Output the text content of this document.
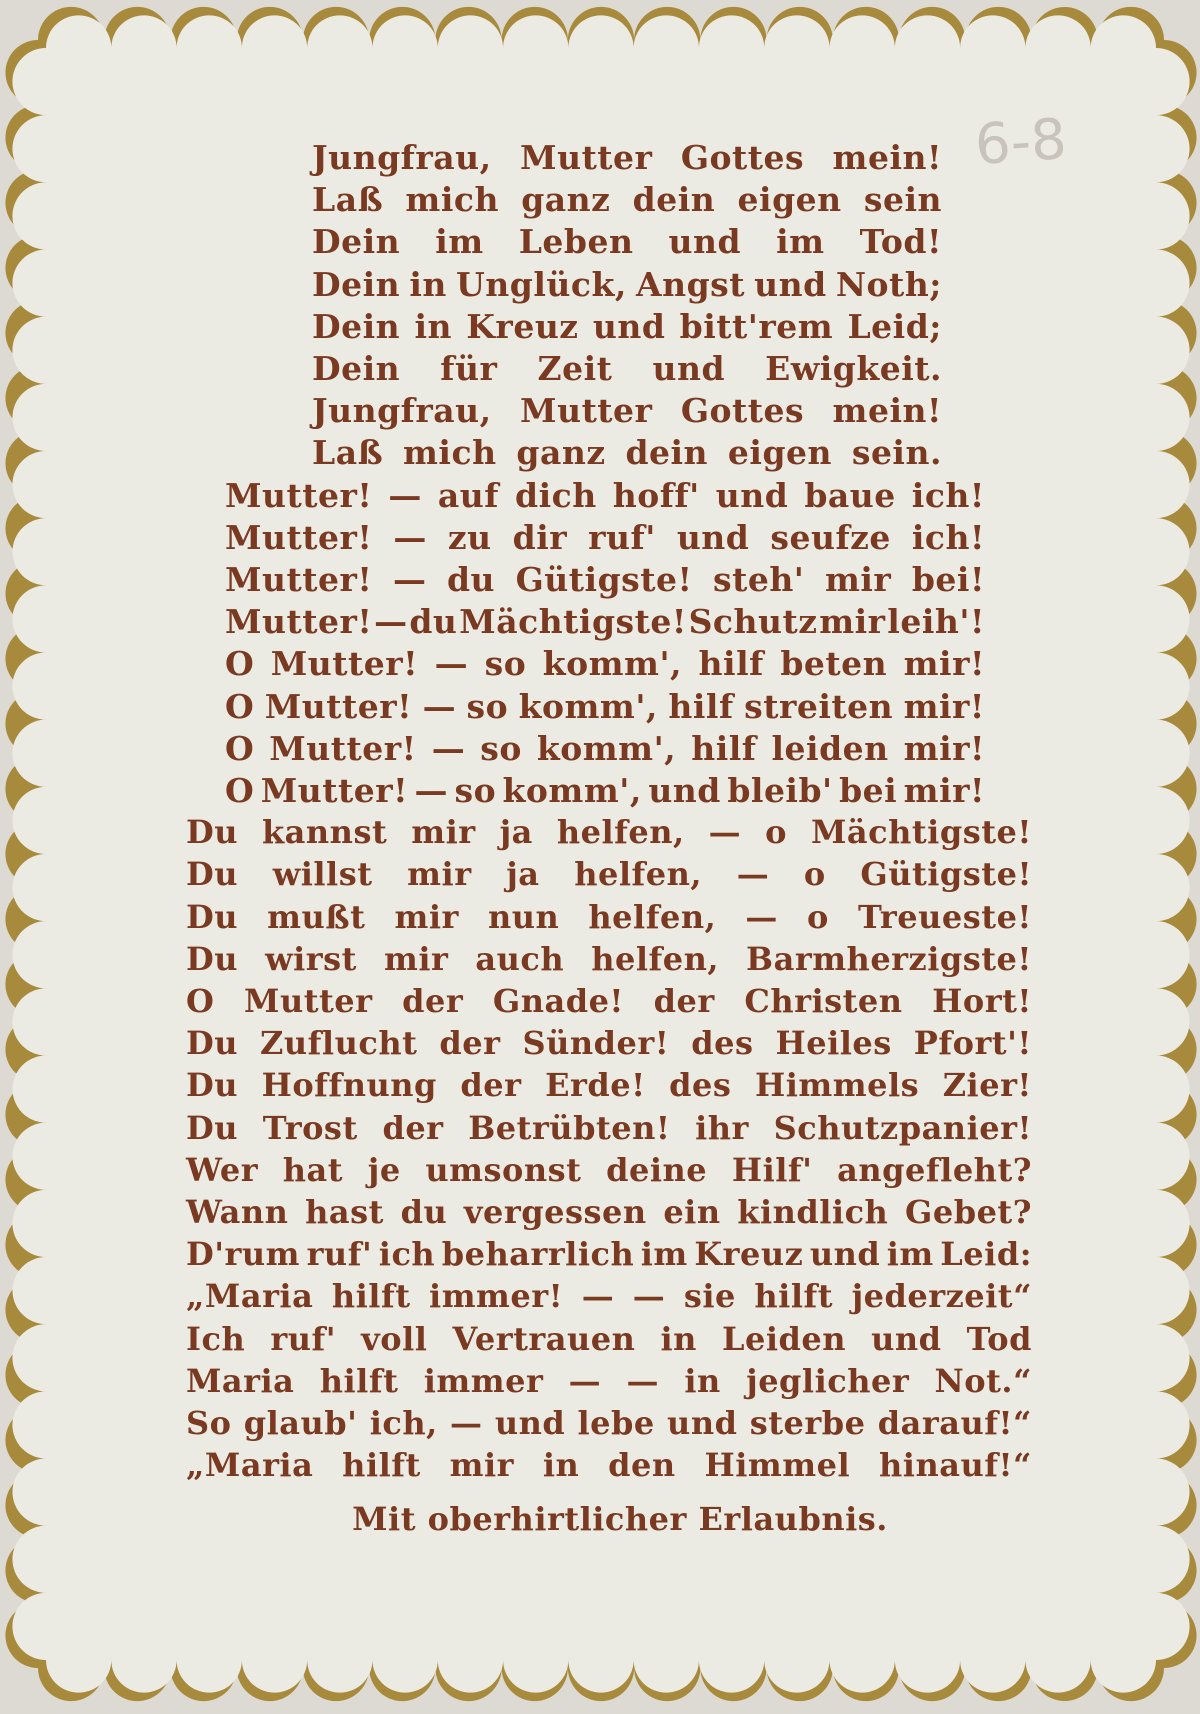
6-8
Jungfrau, Mutter Gottes mein!
Laß mich ganz dein eigen sein
Dein im Leben und im Tod!
Dein in Unglück, Angst und Noth;
Dein in Kreuz und bitt'rem Leid;
Dein für Zeit und Ewigkeit.
Jungfrau, Mutter Gottes mein!
Laß mich ganz dein eigen sein.
Mutter! — auf dich hoff' und baue ich!
Mutter! — zu dir ruf' und seufze ich!
Mutter! — du Gütigste! steh' mir bei!
Mutter! — du Mächtigste! Schutz mir leih'!
O Mutter! — so komm', hilf beten mir!
O Mutter! — so komm', hilf streiten mir!
O Mutter! — so komm', hilf leiden mir!
O Mutter! — so komm', und bleib' bei mir!
Du kannst mir ja helfen, — o Mächtigste!
Du willst mir ja helfen, — o Gütigste!
Du mußt mir nun helfen, — o Treueste!
Du wirst mir auch helfen, Barmherzigste!
O Mutter der Gnade! der Christen Hort!
Du Zuflucht der Sünder! des Heiles Pfort'!
Du Hoffnung der Erde! des Himmels Zier!
Du Trost der Betrübten! ihr Schutzpanier!
Wer hat je umsonst deine Hilf' angefleht?
Wann hast du vergessen ein kindlich Gebet?
D'rum ruf' ich beharrlich im Kreuz und im Leid:
„Maria hilft immer! — — sie hilft jederzeit“
Ich ruf' voll Vertrauen in Leiden und Tod
Maria hilft immer — — in jeglicher Not.“
So glaub' ich, — und lebe und sterbe darauf!“
„Maria hilft mir in den Himmel hinauf!“
Mit oberhirtlicher Erlaubnis.
